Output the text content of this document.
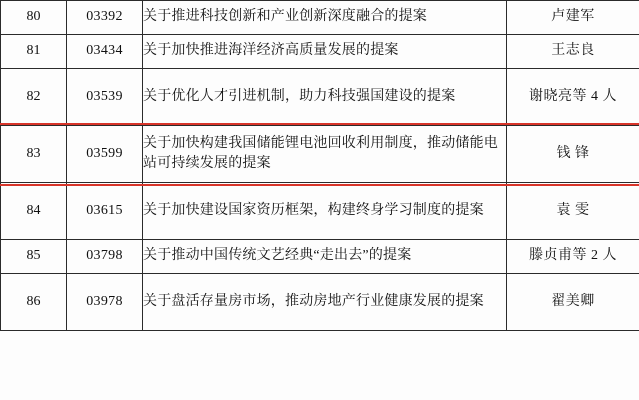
80	03392	关于推进科技创新和产业创新深度融合的提案	卢建军
81	03434	关于加快推进海洋经济高质量发展的提案	王志良
82	03539	关于优化人才引进机制，助力科技强国建设的提案	谢晓亮等 4 人
83	03599	关于加快构建我国储能锂电池回收利用制度，推动储能电站可持续发展的提案	钱 锋
84	03615	关于加快建设国家资历框架，构建终身学习制度的提案	袁 雯
85	03798	关于推动中国传统文艺经典“走出去”的提案	滕贞甫等 2 人
86	03978	关于盘活存量房市场，推动房地产行业健康发展的提案	翟美卿
